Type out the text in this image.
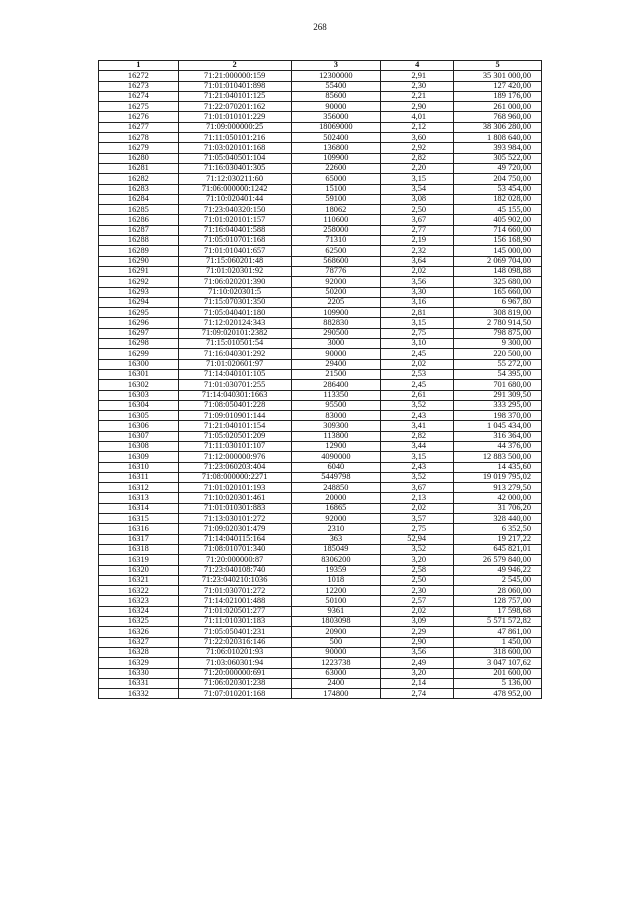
268
1	2	3	4	5
16272	71:21:000000:159	12300000	2,91	35 301 000,00
16273	71:01:010401:898	55400	2,30	127 420,00
16274	71:21:040101:125	85600	2,21	189 176,00
16275	71:22:070201:162	90000	2,90	261 000,00
16276	71:01:010101:229	356000	4,01	768 960,00
16277	71:09:000000:25	18069000	2,12	38 306 280,00
16278	71:11:050101:216	502400	3,60	1 808 640,00
16279	71:03:020101:168	136800	2,92	393 984,00
16280	71:05:040501:104	109900	2,82	305 522,00
16281	71:16:030401:305	22600	2,20	49 720,00
16282	71:12:030211:60	65000	3,15	204 750,00
16283	71:06:000000:1242	15100	3,54	53 454,00
16284	71:10:020401:44	59100	3,08	182 028,00
16285	71:23:040320:150	18062	2,50	45 155,00
16286	71:01:020101:157	110600	3,67	405 902,00
16287	71:16:040401:588	258000	2,77	714 660,00
16288	71:05:010701:168	71310	2,19	156 168,90
16289	71:01:010401:657	62500	2,32	145 000,00
16290	71:15:060201:48	568600	3,64	2 069 704,00
16291	71:01:020301:92	78776	2,02	148 098,88
16292	71:06:020201:390	92000	3,56	325 680,00
16293	71:10:020301:5	50200	3,30	165 660,00
16294	71:15:070301:350	2205	3,16	6 967,80
16295	71:05:040401:180	109900	2,81	308 819,00
16296	71:12:020124:343	882830	3,15	2 780 914,50
16297	71:09:020101:2382	290500	2,75	798 875,00
16298	71:15:010501:54	3000	3,10	9 300,00
16299	71:16:040301:292	90000	2,45	220 500,00
16300	71:01:020601:97	29400	2,02	55 272,00
16301	71:14:040101:105	21500	2,53	54 395,00
16302	71:01:030701:255	286400	2,45	701 680,00
16303	71:14:040301:1663	113350	2,61	291 309,50
16304	71:08:050401:228	95500	3,52	333 295,00
16305	71:09:010901:144	83000	2,43	198 370,00
16306	71:21:040101:154	309300	3,41	1 045 434,00
16307	71:05:020501:209	113800	2,82	316 364,00
16308	71:11:030101:107	12900	3,44	44 376,00
16309	71:12:000000:976	4090000	3,15	12 883 500,00
16310	71:23:060203:404	6040	2,43	14 435,60
16311	71:08:000000:2271	5449798	3,52	19 019 795,02
16312	71:01:020101:193	248850	3,67	913 279,50
16313	71:10:020301:461	20000	2,13	42 000,00
16314	71:01:010301:883	16865	2,02	31 706,20
16315	71:13:030101:272	92000	3,57	328 440,00
16316	71:09:020301:479	2310	2,75	6 352,50
16317	71:14:040115:164	363	52,94	19 217,22
16318	71:08:010701:340	185049	3,52	645 821,01
16319	71:20:000000:87	8306200	3,20	26 579 840,00
16320	71:23:040108:740	19359	2,58	49 946,22
16321	71:23:040210:1036	1018	2,50	2 545,00
16322	71:01:030701:272	12200	2,30	28 060,00
16323	71:14:021001:488	50100	2,57	128 757,00
16324	71:01:020501:277	9361	2,02	17 598,68
16325	71:11:010301:183	1803098	3,09	5 571 572,82
16326	71:05:050401:231	20900	2,29	47 861,00
16327	71:22:020316:146	500	2,90	1 450,00
16328	71:06:010201:93	90000	3,56	318 600,00
16329	71:03:060301:94	1223738	2,49	3 047 107,62
16330	71:20:000000:691	63000	3,20	201 600,00
16331	71:06:020301:238	2400	2,14	5 136,00
16332	71:07:010201:168	174800	2,74	478 952,00
